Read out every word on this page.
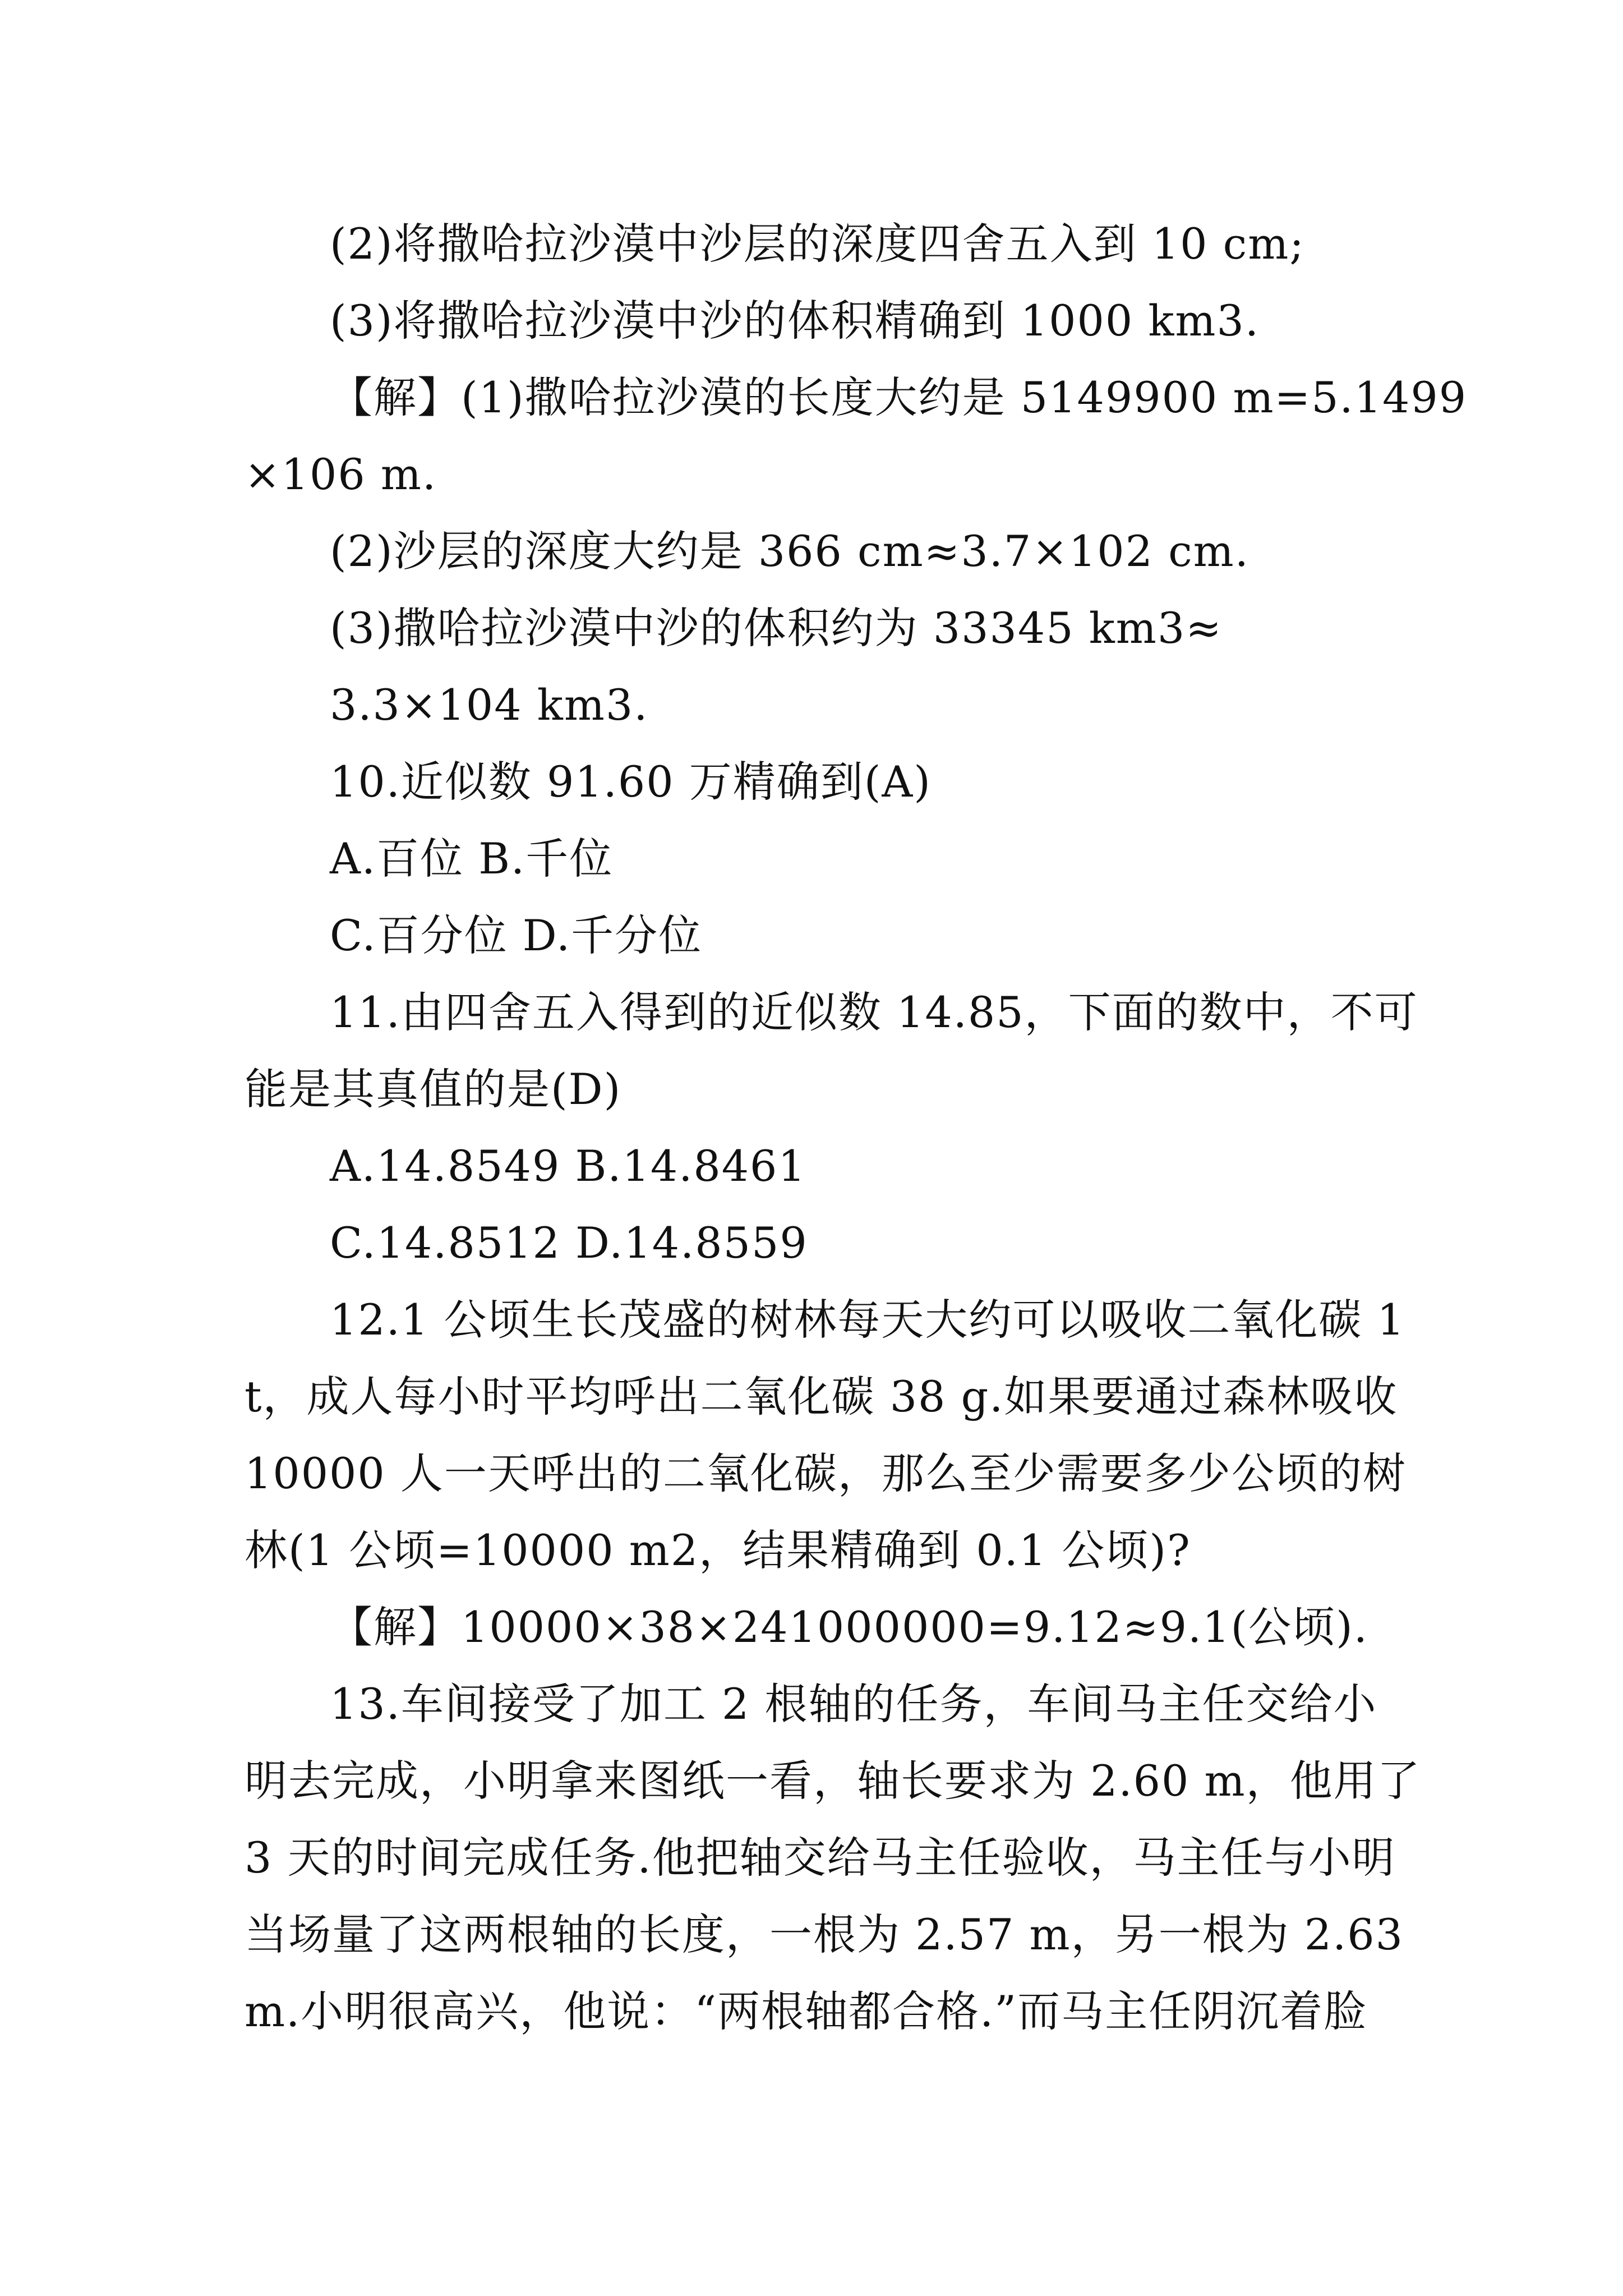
(2)将撒哈拉沙漠中沙层的深度四舍五入到 10 cm;
(3)将撒哈拉沙漠中沙的体积精确到 1000 km3.
【解】(1)撒哈拉沙漠的长度大约是 5149900 m=5.1499
×106 m.
(2)沙层的深度大约是 366 cm≈3.7×102 cm.
(3)撒哈拉沙漠中沙的体积约为 33345 km3≈
3.3×104 km3.
10.近似数 91.60 万精确到(A)
A.百位 B.千位
C.百分位 D.千分位
11.由四舍五入得到的近似数 14.85，下面的数中，不可
能是其真值的是(D)
A.14.8549 B.14.8461
C.14.8512 D.14.8559
12.1 公顷生长茂盛的树林每天大约可以吸收二氧化碳 1
t，成人每小时平均呼出二氧化碳 38 g.如果要通过森林吸收
10000 人一天呼出的二氧化碳，那么至少需要多少公顷的树
林(1 公顷=10000 m2，结果精确到 0.1 公顷)?
【解】10000×38×241000000=9.12≈9.1(公顷).
13.车间接受了加工 2 根轴的任务，车间马主任交给小
明去完成，小明拿来图纸一看，轴长要求为 2.60 m，他用了
3 天的时间完成任务.他把轴交给马主任验收，马主任与小明
当场量了这两根轴的长度，一根为 2.57 m，另一根为 2.63
m.小明很高兴，他说：“两根轴都合格.”而马主任阴沉着脸
